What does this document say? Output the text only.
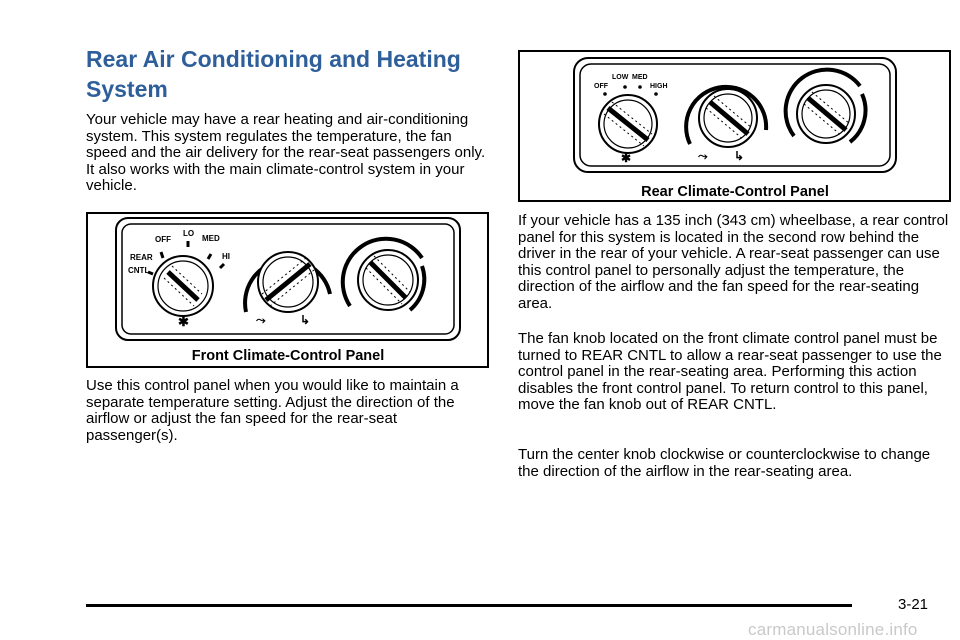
Rear Air Conditioning and Heating System

Your vehicle may have a rear heating and air-conditioning system. This system regulates the temperature, the fan speed and the air delivery for the rear-seat passengers only. It also works with the main climate-control system in your vehicle.

OFF
LO
MED
HI
REAR
CNTL
✱	⤳	↳
Front Climate-Control Panel

Use this control panel when you would like to maintain a separate temperature setting. Adjust the direction of the airflow or adjust the fan speed for the rear-seat passenger(s).

OFF
LOW MED
HIGH
✱	⤳ ↳
Rear Climate-Control Panel

If your vehicle has a 135 inch (343 cm) wheelbase, a rear control panel for this system is located in the second row behind the driver in the rear of your vehicle. A rear-seat passenger can use this control panel to personally adjust the temperature, the direction of the airflow and the fan speed for the rear-seating area.

The fan knob located on the front climate control panel must be turned to REAR CNTL to allow a rear-seat passenger to use the control panel in the rear-seating area. Performing this action disables the front control panel. To return control to this panel, move the fan knob out of REAR CNTL.

Turn the center knob clockwise or counterclockwise to change the direction of the airflow in the rear-seating area.

3-21
carmanualsonline.info
